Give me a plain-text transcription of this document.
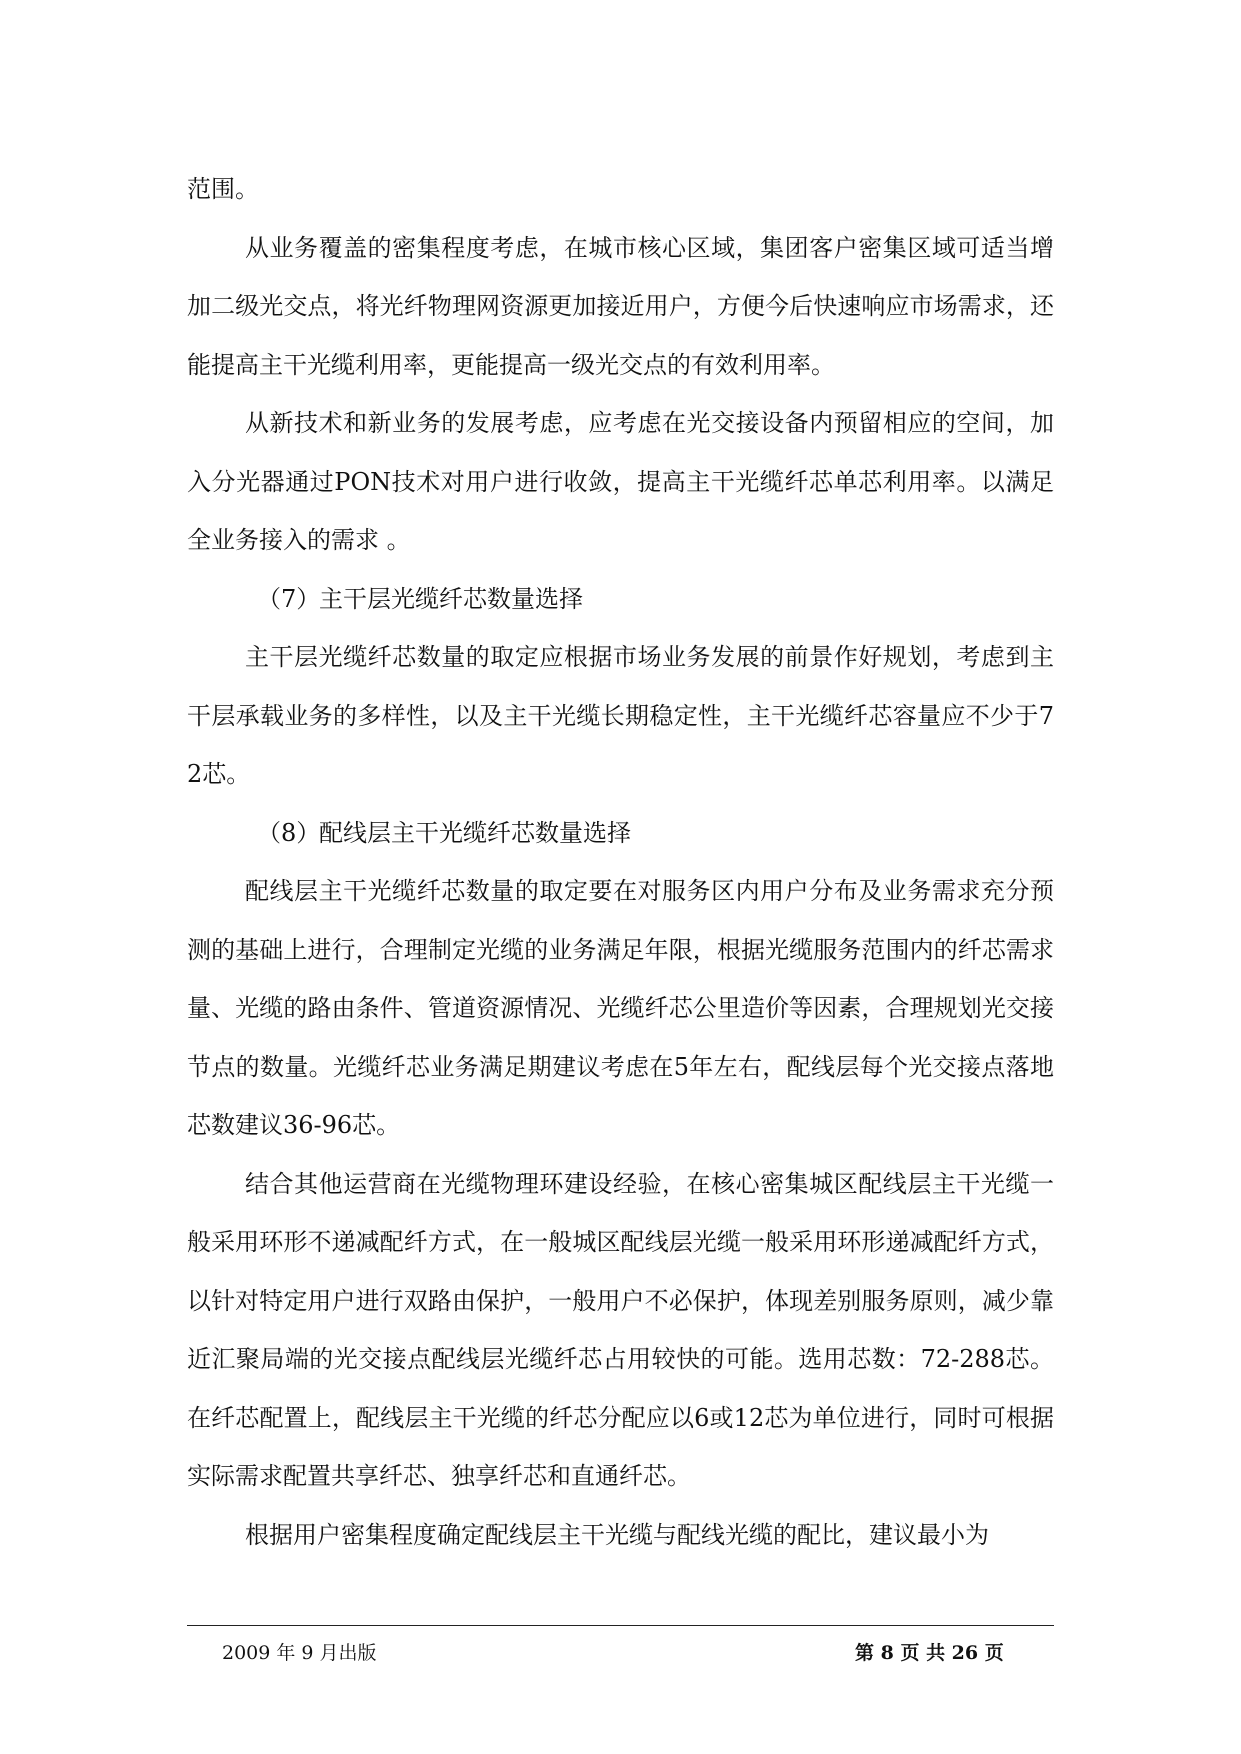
范围。

从业务覆盖的密集程度考虑，在城市核心区域，集团客户密集区域可适当增加二级光交点，将光纤物理网资源更加接近用户，方便今后快速响应市场需求，还能提高主干光缆利用率，更能提高一级光交点的有效利用率。

从新技术和新业务的发展考虑，应考虑在光交接设备内预留相应的空间，加入分光器通过PON技术对用户进行收敛，提高主干光缆纤芯单芯利用率。以满足全业务接入的需求 。

（7）主干层光缆纤芯数量选择

主干层光缆纤芯数量的取定应根据市场业务发展的前景作好规划，考虑到主干层承载业务的多样性，以及主干光缆长期稳定性，主干光缆纤芯容量应不少于72芯。

（8）配线层主干光缆纤芯数量选择

配线层主干光缆纤芯数量的取定要在对服务区内用户分布及业务需求充分预测的基础上进行，合理制定光缆的业务满足年限，根据光缆服务范围内的纤芯需求量、光缆的路由条件、管道资源情况、光缆纤芯公里造价等因素，合理规划光交接节点的数量。光缆纤芯业务满足期建议考虑在5年左右，配线层每个光交接点落地芯数建议36-96芯。

结合其他运营商在光缆物理环建设经验，在核心密集城区配线层主干光缆一般采用环形不递减配纤方式，在一般城区配线层光缆一般采用环形递减配纤方式，以针对特定用户进行双路由保护，一般用户不必保护，体现差别服务原则，减少靠近汇聚局端的光交接点配线层光缆纤芯占用较快的可能。选用芯数：72-288芯。在纤芯配置上，配线层主干光缆的纤芯分配应以6或12芯为单位进行，同时可根据实际需求配置共享纤芯、独享纤芯和直通纤芯。

根据用户密集程度确定配线层主干光缆与配线光缆的配比，建议最小为

2009 年 9 月出版	第 8 页 共 26 页
